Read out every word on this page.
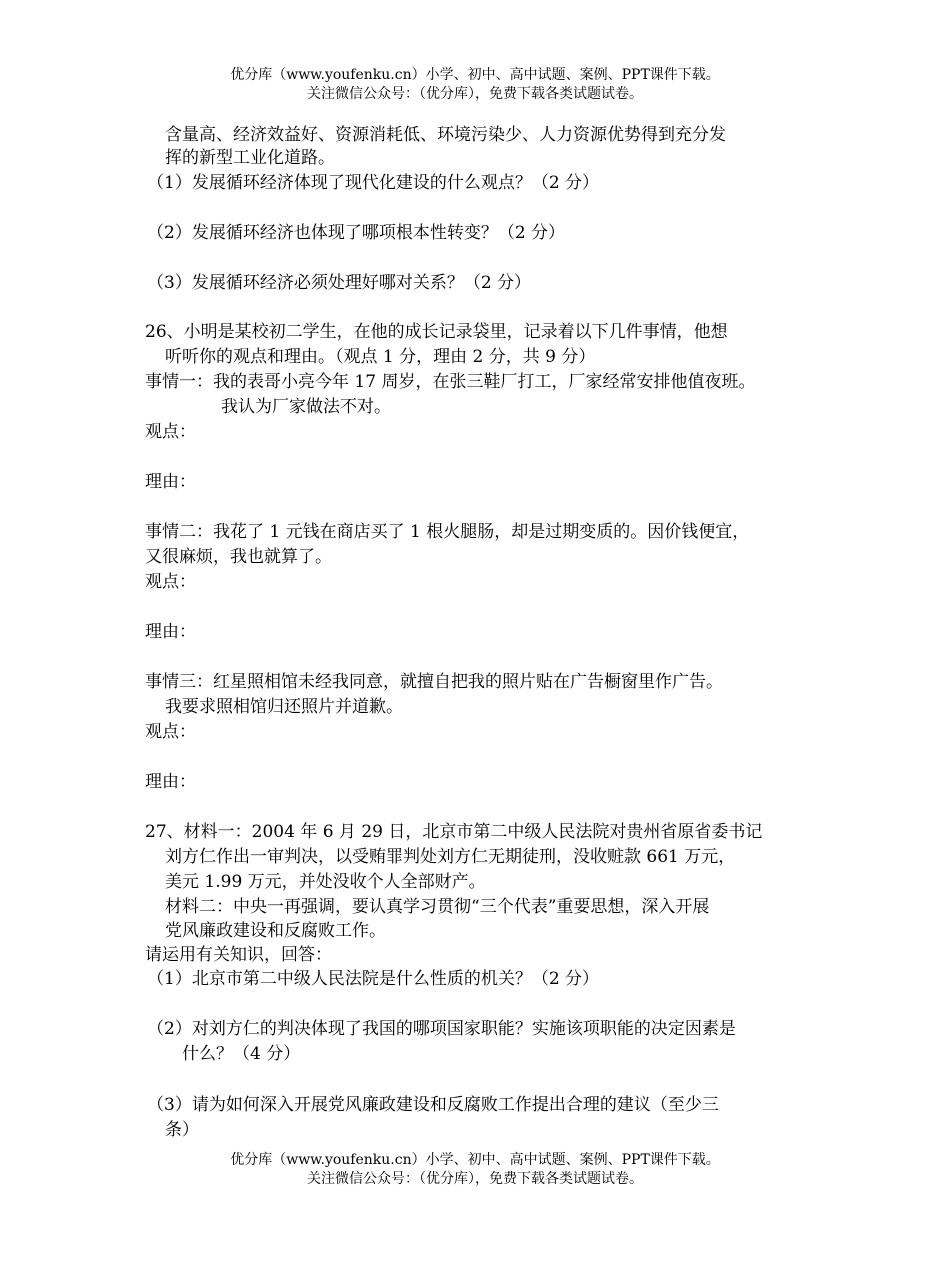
优分库（www.youfenku.cn）小学、初中、高中试题、案例、PPT课件下载。
关注微信公众号：（优分库），免费下载各类试题试卷。
含量高、经济效益好、资源消耗低、环境污染少、人力资源优势得到充分发
挥的新型工业化道路。
（1）发展循环经济体现了现代化建设的什么观点？（2 分）
（2）发展循环经济也体现了哪项根本性转变？（2 分）
（3）发展循环经济必须处理好哪对关系？（2 分）
26、小明是某校初二学生，在他的成长记录袋里，记录着以下几件事情，他想
听听你的观点和理由。（观点 1 分，理由 2 分，共 9 分）
事情一：我的表哥小亮今年 17 周岁，在张三鞋厂打工，厂家经常安排他值夜班。
我认为厂家做法不对。
观点：
理由：
事情二：我花了 1 元钱在商店买了 1 根火腿肠，却是过期变质的。因价钱便宜，
又很麻烦，我也就算了。
观点：
理由：
事情三：红星照相馆未经我同意，就擅自把我的照片贴在广告橱窗里作广告。
我要求照相馆归还照片并道歉。
观点：
理由：
27、材料一：2004 年 6 月 29 日，北京市第二中级人民法院对贵州省原省委书记
刘方仁作出一审判决，以受贿罪判处刘方仁无期徒刑，没收赃款 661 万元，
美元 1.99 万元，并处没收个人全部财产。
材料二：中央一再强调，要认真学习贯彻“三个代表”重要思想，深入开展
党风廉政建设和反腐败工作。
请运用有关知识，回答：
（1）北京市第二中级人民法院是什么性质的机关？（2 分）
（2）对刘方仁的判决体现了我国的哪项国家职能？实施该项职能的决定因素是
什么？（4 分）
（3）请为如何深入开展党风廉政建设和反腐败工作提出合理的建议（至少三
条）
优分库（www.youfenku.cn）小学、初中、高中试题、案例、PPT课件下载。
关注微信公众号：（优分库），免费下载各类试题试卷。
